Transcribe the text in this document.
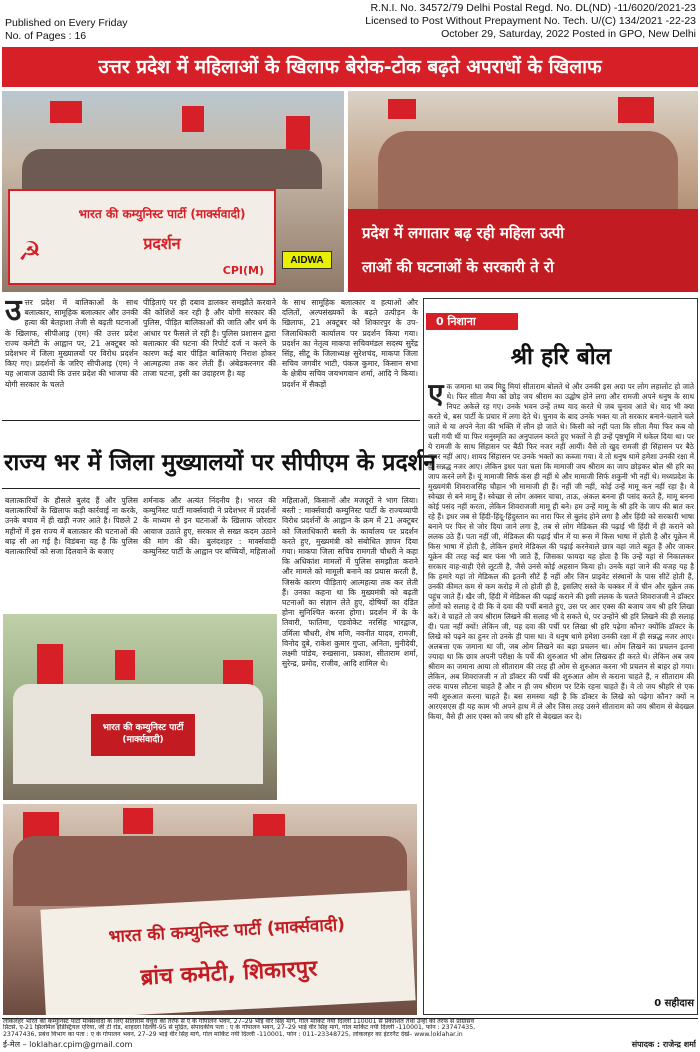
Published on Every Friday
No. of Pages : 16
R.N.I. No. 34572/79 Delhi Postal Regd. No. DL(ND) -11/6020/2021-23
Licensed to Post Without Prepayment No. Tech. U/(C) 134/2021 -22-23
October 29, Saturday, 2022 Posted in GPO, New Delhi
उत्तर प्रदेश में महिलाओं के खिलाफ बेरोक-टोक बढ़ते अपराधों के खिलाफ
भारत की कम्युनिस्ट पार्टी (मार्क्सवादी)
प्रदर्शन
CPI(M)
☭	AIDWA
प्रदेश में लगातार बढ़ रही महिला उत्पी
लाओं की घटनाओं के सरकारी ते रो
उ त्तर प्रदेश में बालिकाओं के साथ बलात्कार, सामूहिक बलात्कार और उनकी हत्या की बेतहाशा तेजी से बढ़ती घटनाओं के खिलाफ, सीपीआइ (एम) की उत्तर प्रदेश राज्य कमेटी के आह्वान पर, 21 अक्टूबर को प्रदेशभर में जिला मुख्यालयों पर विरोध प्रदर्शन किए गए। प्रदर्शनों के जरिए सीपीआइ (एम) ने यह आवाज उठायी कि उत्तर प्रदेश की भाजपा की योगी सरकार के चलते
पीड़िताएं पर ही दबाव डालकर समझौते करवाने की कोशिशें कर रही है और योगी सरकार की पुलिस, पीड़ित बालिकाओं की जाति और धर्म के आधार पर फैसले ले रही है। पुलिस प्रशासन द्वारा बलात्कार की घटना की रिपोर्ट दर्ज न करने के कारण कई बार पीड़ित बालिकाएं निराश होकर आत्महत्या तक कर लेती हैं। अंबेडकरनगर की ताजा घटना, इसी का उदाहरण है। यह
के साथ सामूहिक बलात्कार व हत्याओं और दलितों, अल्पसंख्यकों के बढ़ते उत्पीड़न के खिलाफ, 21 अक्टूबर को शिकारपुर के उप-जिलाधिकारी कार्यालय पर प्रदर्शन किया गया। प्रदर्शन का नेतृत्व माकपा सचिवमंडल सदस्य सुरेंद्र सिंह, सीटू के जिलाध्यक्ष सुरेशचंद, माकपा जिला सचिव जगवीर भाटी, पंकज कुमार, किसान सभा के क्षेत्रीय सचिव जयभगवान शर्मा, आदि ने किया। प्रदर्शन में सैकड़ों
राज्य भर में जिला मुख्यालयों पर सीपीएम के प्रदर्शन
बलात्कारियों के हौसले बुलंद हैं और पुलिस बलात्कारियों के खिलाफ कड़ी कार्रवाई ना करके, उनके बचाव में ही खड़ी नजर आते है। पिछले 2 महीनों में इस राज्य में बलात्कार की घटनाओं की बाढ़ सी आ गई है। विडंबना यह है कि पुलिस बलात्कारियों को सजा दिलवाने के बजाए
शर्मनाक और अत्यंत निंदनीय है। भारत की कम्युनिस्ट पार्टी मार्क्सवादी ने प्रदेशभर में प्रदर्शनों के माध्यम से इन घटनाओं के खिलाफ जोरदार आवाज उठाते हुए, सरकार से सख्त कदम उठाने की मांग की की। बुलंदशहर : मार्क्सवादी कम्युनिस्ट पार्टी के आह्वान पर बच्चियों, महिलाओं
महिलाओं, किसानों और मजदूरों ने भाग लिया। बस्ती : मार्क्सवादी कम्युनिस्ट पार्टी के राज्यव्यापी विरोध प्रदर्शनों के आह्वान के क्रम में 21 अक्टूबर को जिलाधिकारी बस्ती के कार्यालय पर प्रदर्शन करते हुए, मुख्यमंत्री को संबोधित ज्ञापन दिया गया। माकपा जिला सचिव रामगती चौधरी ने कहा कि अधिकांश मामलों में पुलिस समझौता कराने और मामले को मामूली बनाने का प्रयास करती है, जिसके कारण पीड़िताएं आत्महत्या तक कर लेती हैं। उनका कहना था कि मुख्यमंत्री को बढ़ती घटनाओं का संज्ञान लेते हुए, दोषियों का दंडित होना सुनिश्चित करना होगा। प्रदर्शन में के के तिवारी, फातिमा, एडवोकेट नरसिंह भारद्वाज, उर्मिला चौधरी, शेष मणि, नवनीत यादव, रामजी, विनोद दुबे, राकेश कुमार गुप्ता, अनिता, मुनीदेवी, लक्ष्मी पांडेय, रुखसाना, प्रकाश, सीताराम शर्मा, सुरेन्द्र, प्रमोद, राजीव, आदि शामिल थे।
भारत की कम्युनिस्ट पार्टी (मार्क्सवादी)
भारत की कम्युनिस्ट पार्टी (मार्क्सवादी)
ब्रांच कमेटी, शिकारपुर
0 निशाना
श्री हरि बोल
ए क जमाना था जब मिट्ठू मियां सीताराम बोलते थे और उनकी इस अदा पर लोग लहालोट हो जाते थे। फिर सीता मैया को छोड़ जय श्रीराम का उद्घोष होने लगा और रामजी अपने धनुष के साथ निपट अकेले रह गए। उनके भवन उन्हें तथ्य याद करते थे जब चुनाव आते थे। याद भी क्या करते थे, बस पार्टी के प्रचार में लगा देते थे। चुनाव के बाद उनके भक्त या तो सरकार बनाने-चलाने चले जाते थे या अपने नेता की भक्ति में लीन हो जाते थे। किसी को नहीं पता कि सीता मैया फिर कब वो चली गयी थीं या फिर मनुस्मृति का अनुपालन करते हुए भक्तों ने ही उन्हें पृष्ठभूमि में धकेल दिया था। पर ये रामजी के साथ सिंहासन पर बैठी फिर नजर नहीं आयीं। वैसे तो खुद रामजी ही सिंहासन पर बैठे नजर नहीं आए। शायद सिंहासन पर उनके भक्तों का कब्जा गया। वे तो धनुष थामे हमेशा उनकी रक्षा में ही सन्नद्ध नजर आए। लेकिन इधर पता चला कि मामाजी जय श्रीराम का जाप छोड़कर बोल श्री हरि का जाप करने लगे हैं। यूं मामाजी सिर्फ कंस ही नहीं थे और मामाजी सिर्फ शकुनी भी नहीं थे। मध्यप्रदेश के मुख्यमंत्री शिवराजसिंह चौहान भी मामाजी ही हैं। नहीं जी नहीं, कोई उन्हें मामू कन नहीं रहा है। वे स्वेच्छा से बने मामू हैं। स्वेच्छा से लोग अक्सर चाचा, ताऊ, अंकल बनना ही पसंद करते हैं, मामू बनना कोई पसंद नहीं करता, लेकिन शिवराजजी मामू ही बने। हम उन्हें मामू के श्री हरि के जाप की बात कर रहे हैं। इधर जब से हिंदी-हिंदू-हिंदुस्तान का नारा फिर से बुलंद होने लगा है और हिंदी को सरकारी भाषा बनाने पर फिर से जोर दिया जाने लगा है, तब से लोग मेडिकल की पढ़ाई भी हिंदी में ही कराने को ललक उठे हैं। पता नहीं जी, मेडिकल की पढ़ाई चीन में या रूस में किस भाषा में होती है और यूक्रेन में किस भाषा में होती है, लेकिन हमारे मेडिकल की पढ़ाई करनेवाले छात्र वहां जाते बहुत हैं और जाकर यूक्रेन की तरह कई बार फंस भी जाते हैं, जिसका फायदा यह होता है कि उन्हें वहां से निकालकर सरकार वाह-वाही ऐसे लूटती है, जैसे उनसे कोई अहसान किया हो। उनके वहां जाने की वजह यह है कि हमारे यहां तो मेडिकल की इतनी सीटें हैं नहीं और जिन प्राइवेट संस्थानों के पास सीटें होती हैं, उनकी कीमत कम से कम करोड़ में तो होती ही है, इसलिए सस्ते के चक्कर में वे चीन और यूक्रेन तक पहुंच जाते हैं। खैर जी, हिंदी में मेडिकल की पढ़ाई कराने की इसी ललक के चलते शिवराजजी ने डॉक्टर लोगों को सलाह दे दी कि वे दवा की पर्ची बनाते हुए, उस पर आर एक्स की बजाय जय श्री हरि लिखा करें। वे चाहते तो जय श्रीराम लिखने की सलाह भी दे सकते थे, पर उन्होंने श्री हरि लिखने की ही सलाह दी। पता नहीं क्यों! लेकिन जी, यह दवा की पर्ची पर लिखा श्री हरि पढ़ेगा कौन? क्योंकि डॉक्टर के लिखे को पढ़ने का हुनर तो उनके ही पास था। वे धनुष थामे हमेशा उनकी रक्षा में ही सन्नद्ध नजर आए। अलबत्ता एक जमाना था जी, जब ओम लिखने का बड़ा प्रचलन था। ओम लिखने का प्रचलन इतना ज्यादा था कि छात्र अपनी परीक्षा के पर्चे की शुरुआत भी ओम लिखकर ही करते थे। लेकिन अब जय श्रीराम का जमाना आया तो सीताराम की तरह ही ओम से शुरुआत करना भी प्रचलन से बाहर हो गया। लेकिन, अब शिवराजजी न तो डॉक्टर की पर्ची की शुरुआत ओम से कराना चाहते हैं, न सीताराम की तरफ वापस लौटना चाहते हैं और न ही जय श्रीराम पर टिके रहना चाहते हैं। वे तो जय श्रीहरि से एक नयी शुरुआत करना चाहते हैं। बस समस्या यही है कि डॉक्टर के लिखे को पढ़ेगा कौन? क्यों न आरएसएस ही यह काम भी अपने हाथ में ले और जिस तरह उसने सीताराम को जय श्रीराम से बेदखल किया, वैसे ही आर एक्स को जय श्री हरि से बेदखल कर दे।
0 सहीदास
लोकलहर भारत की कम्युनिस्ट पार्टी मार्क्सवादी के लिए सीताराम येचुरी की तरफ से ए के गोपालन भवन, 27–29 भाई वीर सिंह मार्ग, गोल मार्किट नयी दिल्ली 110001 से प्रकाशित तथा उन्हीं की तरफ से प्रोग्रेसिव
प्रिंटर्स, ए-21 झिलमिल इंडिस्ट्रियल एरिया, जी टी रोड, शाहदरा दिल्ली-95 से मुद्रित, संपादकीय पता : ए के गोपालन भवन, 27–29 भाई वीर सिंह मार्ग, गोल मार्किट नयी दिल्ली -110001, फोन : 23747435,
23747436, प्रबंध विभाग का पता : ए के गोपालन भवन, 27–29 भाई वीर सिंह मार्ग, गोल मार्किट नयी दिल्ली -110001, फोन : 011–23348725, लोकलहर का इंटरनैट देखें– www.loklahar.in
ई-मेल – loklahar.cpim@gmail.com	संपादक : राजेन्द्र शर्मा
